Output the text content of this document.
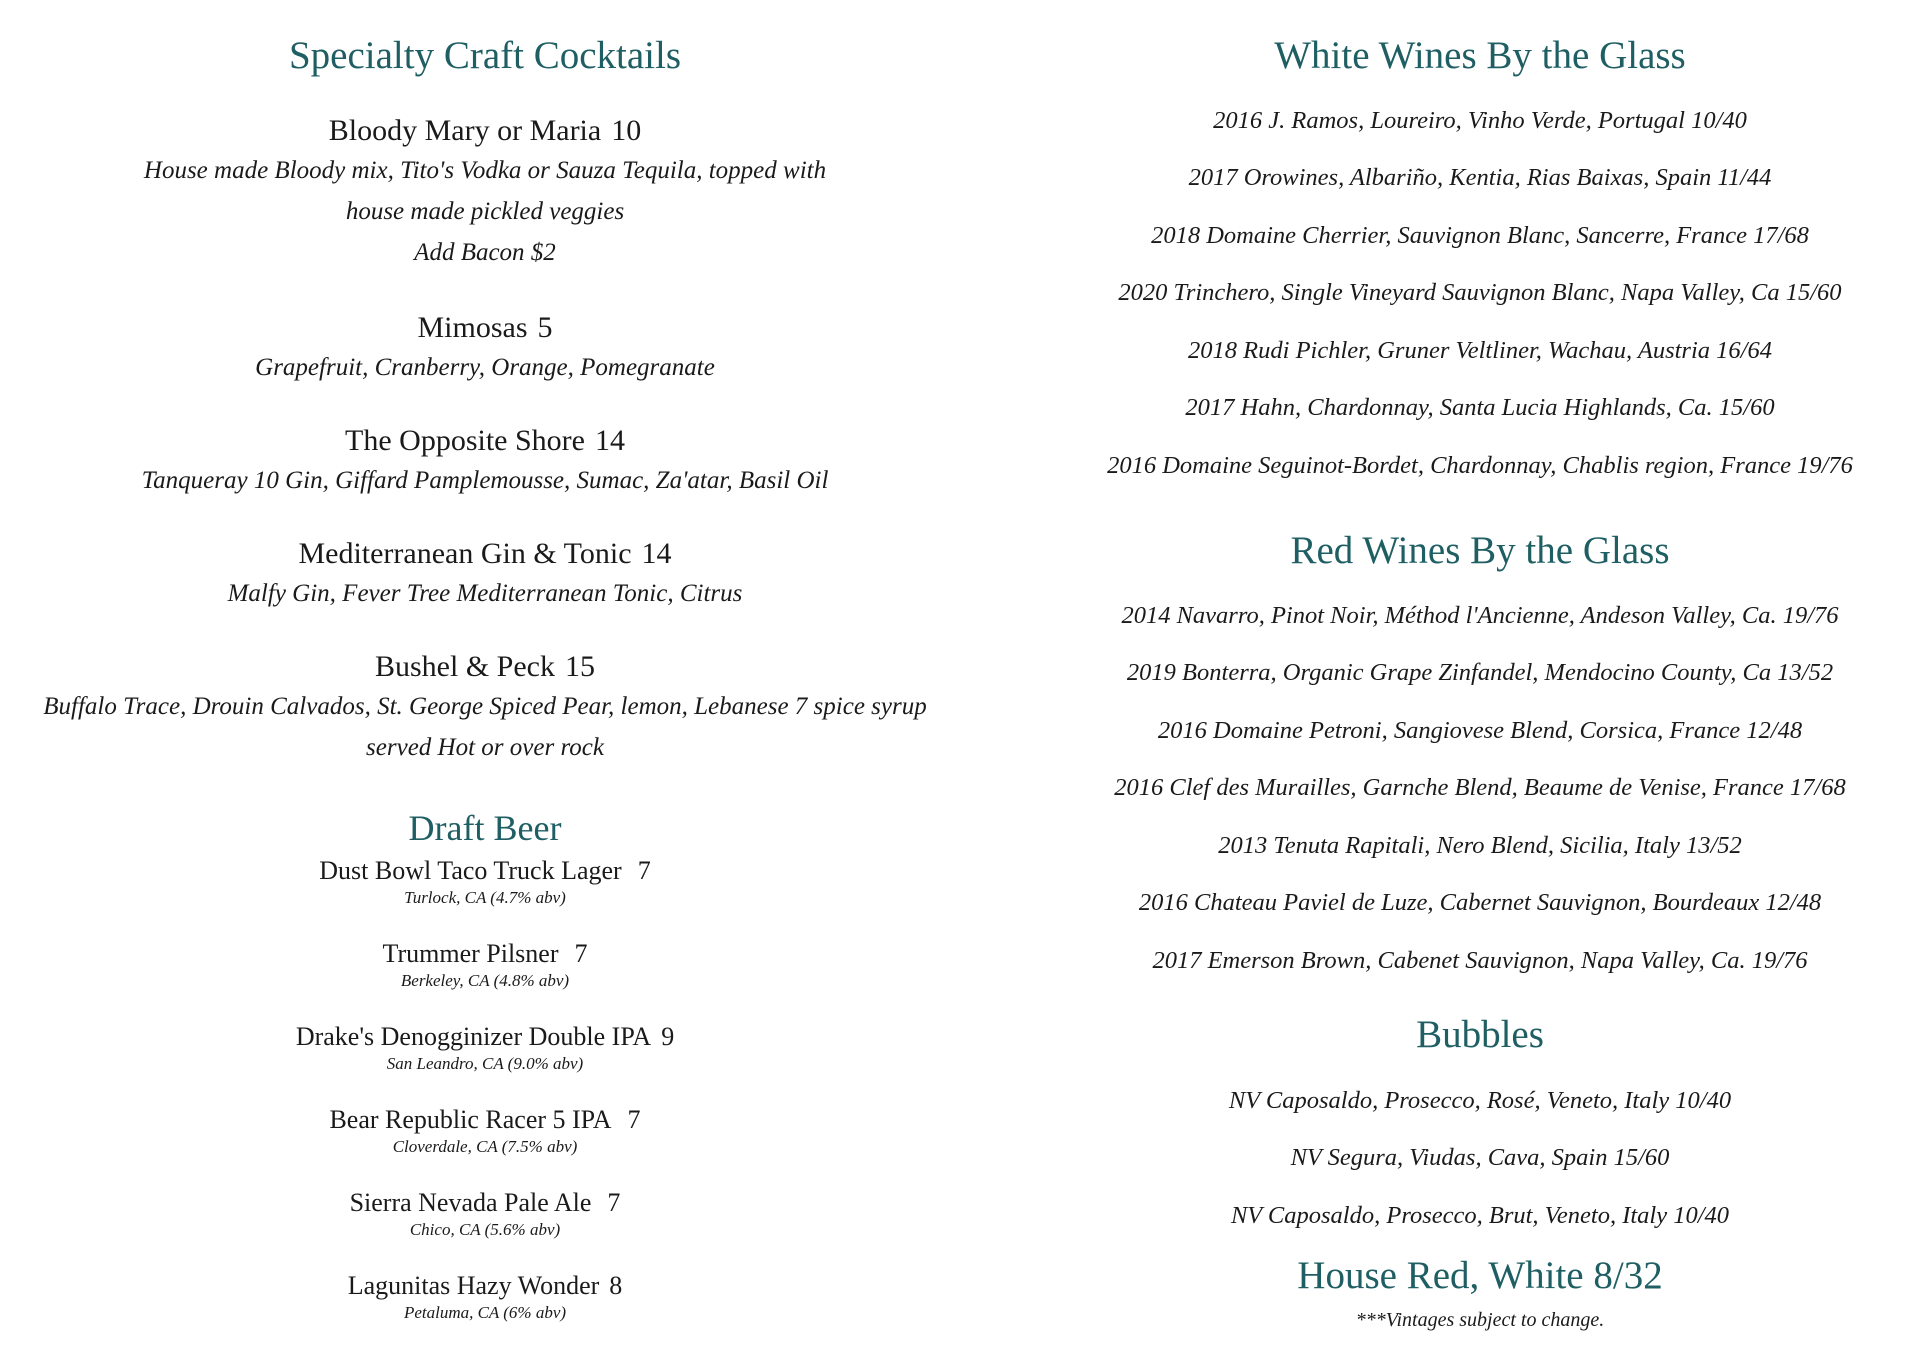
Specialty Craft Cocktails

Bloody Mary or Maria 10

House made Bloody mix, Tito's Vodka or Sauza Tequila, topped with

house made pickled veggies

Add Bacon $2

Mimosas 5

Grapefruit, Cranberry, Orange, Pomegranate

The Opposite Shore 14

Tanqueray 10 Gin, Giffard Pamplemousse, Sumac, Za'atar, Basil Oil

Mediterranean Gin & Tonic 14

Malfy Gin, Fever Tree Mediterranean Tonic, Citrus

Bushel & Peck 15

Buffalo Trace, Drouin Calvados, St. George Spiced Pear, lemon, Lebanese 7 spice syrup

served Hot or over rock

Draft Beer

Dust Bowl Taco Truck Lager 7

Turlock, CA (4.7% abv)

Trummer Pilsner 7

Berkeley, CA (4.8% abv)

Drake's Denogginizer Double IPA 9

San Leandro, CA (9.0% abv)

Bear Republic Racer 5 IPA 7

Cloverdale, CA (7.5% abv)

Sierra Nevada Pale Ale 7

Chico, CA (5.6% abv)

Lagunitas Hazy Wonder 8

Petaluma, CA (6% abv)

White Wines By the Glass

2016 J. Ramos, Loureiro, Vinho Verde, Portugal 10/40

2017 Orowines, Albariño, Kentia, Rias Baixas, Spain 11/44

2018 Domaine Cherrier, Sauvignon Blanc, Sancerre, France 17/68

2020 Trinchero, Single Vineyard Sauvignon Blanc, Napa Valley, Ca 15/60

2018 Rudi Pichler, Gruner Veltliner, Wachau, Austria 16/64

2017 Hahn, Chardonnay, Santa Lucia Highlands, Ca. 15/60

2016 Domaine Seguinot-Bordet, Chardonnay, Chablis region, France 19/76

Red Wines By the Glass

2014 Navarro, Pinot Noir, Méthod l'Ancienne, Andeson Valley, Ca. 19/76

2019 Bonterra, Organic Grape Zinfandel, Mendocino County, Ca 13/52

2016 Domaine Petroni, Sangiovese Blend, Corsica, France 12/48

2016 Clef des Murailles, Garnche Blend, Beaume de Venise, France 17/68

2013 Tenuta Rapitali, Nero Blend, Sicilia, Italy 13/52

2016 Chateau Paviel de Luze, Cabernet Sauvignon, Bourdeaux 12/48

2017 Emerson Brown, Cabenet Sauvignon, Napa Valley, Ca. 19/76

Bubbles

NV Caposaldo, Prosecco, Rosé, Veneto, Italy 10/40

NV Segura, Viudas, Cava, Spain 15/60

NV Caposaldo, Prosecco, Brut, Veneto, Italy 10/40

House Red, White 8/32

***Vintages subject to change.
